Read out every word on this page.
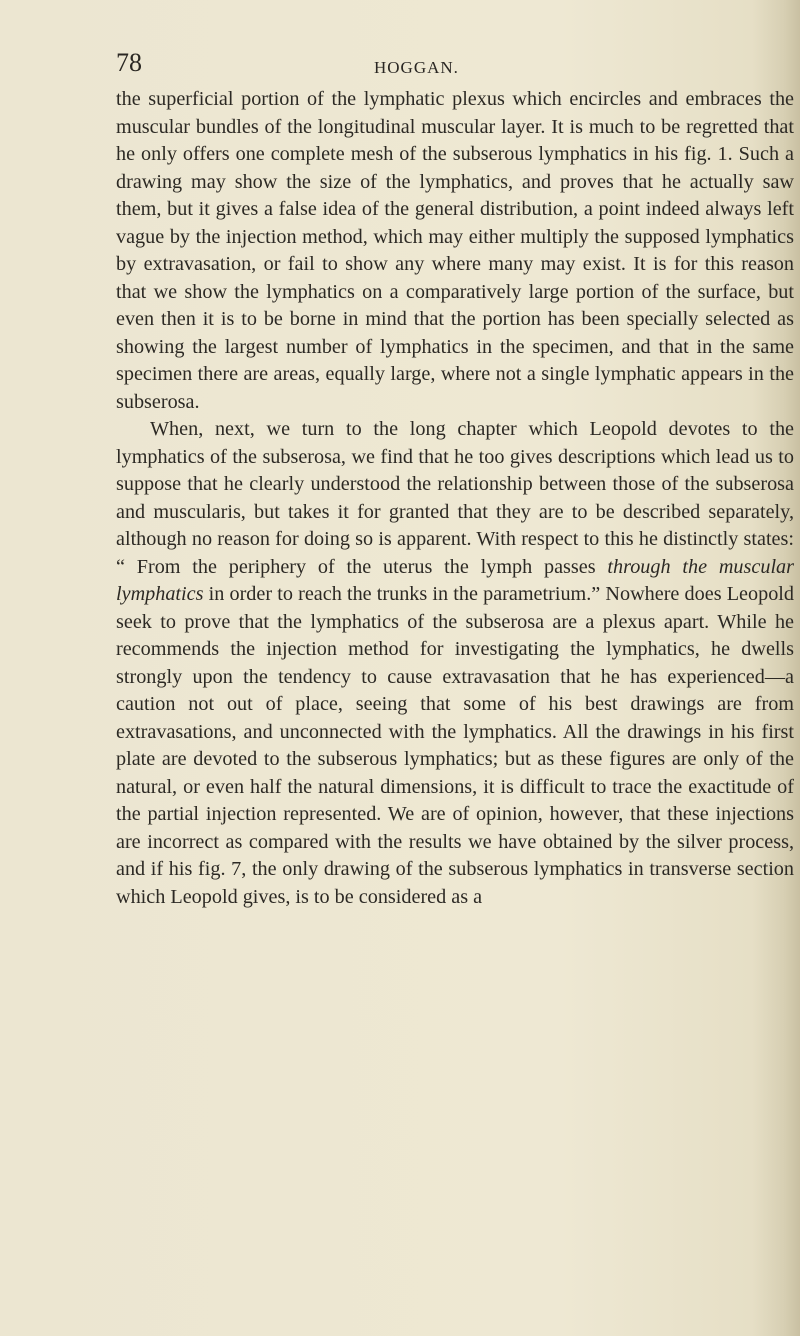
78	HOGGAN.

the superficial portion of the lymphatic plexus which encircles and embraces the muscular bundles of the longitudinal muscular layer. It is much to be regretted that he only offers one complete mesh of the subserous lymphatics in his fig. 1. Such a drawing may show the size of the lymphatics, and proves that he actually saw them, but it gives a false idea of the general distribution, a point indeed always left vague by the injection method, which may either multiply the supposed lymphatics by extravasation, or fail to show any where many may exist. It is for this reason that we show the lymphatics on a comparatively large portion of the surface, but even then it is to be borne in mind that the portion has been specially selected as showing the largest number of lymphatics in the specimen, and that in the same specimen there are areas, equally large, where not a single lymphatic appears in the subserosa.

When, next, we turn to the long chapter which Leopold devotes to the lymphatics of the subserosa, we find that he too gives descriptions which lead us to suppose that he clearly understood the relationship between those of the subserosa and muscularis, but takes it for granted that they are to be described separately, although no reason for doing so is apparent. With respect to this he distinctly states: “ From the periphery of the uterus the lymph passes through the muscular lymphatics in order to reach the trunks in the parametrium.” Nowhere does Leopold seek to prove that the lymphatics of the subserosa are a plexus apart. While he recommends the injection method for investigating the lymphatics, he dwells strongly upon the tendency to cause extravasation that he has experienced—a caution not out of place, seeing that some of his best drawings are from extravasations, and unconnected with the lymphatics. All the drawings in his first plate are devoted to the subserous lymphatics; but as these figures are only of the natural, or even half the natural dimensions, it is difficult to trace the exactitude of the partial injection represented. We are of opinion, however, that these injections are incorrect as compared with the results we have obtained by the silver process, and if his fig. 7, the only drawing of the subserous lymphatics in transverse section which Leopold gives, is to be considered as a
